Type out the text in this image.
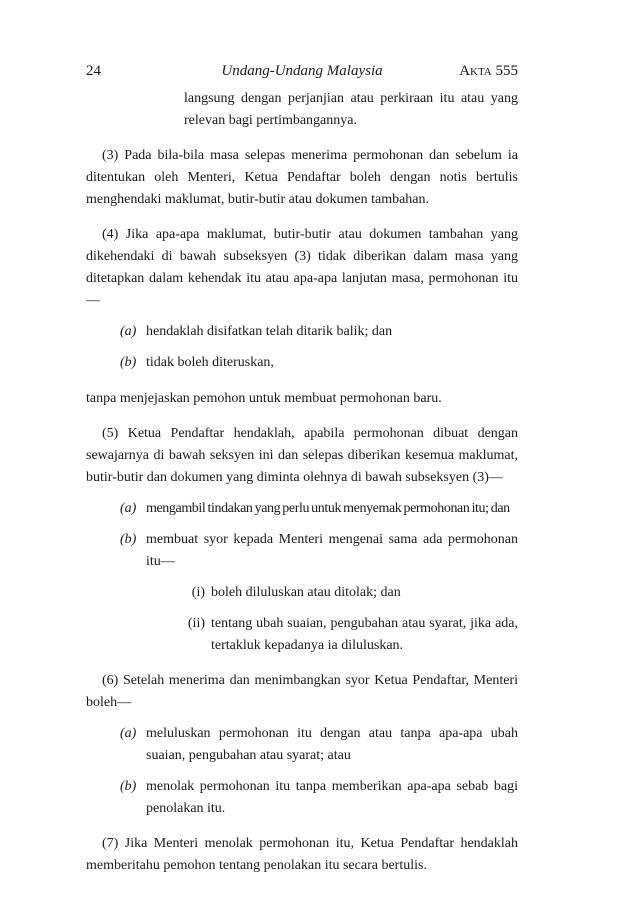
24	Undang-Undang Malaysia	Akta 555
langsung dengan perjanjian atau perkiraan itu atau yang relevan bagi pertimbangannya.
(3) Pada bila-bila masa selepas menerima permohonan dan sebelum ia ditentukan oleh Menteri, Ketua Pendaftar boleh dengan notis bertulis menghendaki maklumat, butir-butir atau dokumen tambahan.
(4) Jika apa-apa maklumat, butir-butir atau dokumen tambahan yang dikehendaki di bawah subseksyen (3) tidak diberikan dalam masa yang ditetapkan dalam kehendak itu atau apa-apa lanjutan masa, permohonan itu—
(a) hendaklah disifatkan telah ditarik balik; dan
(b) tidak boleh diteruskan,
tanpa menjejaskan pemohon untuk membuat permohonan baru.
(5) Ketua Pendaftar hendaklah, apabila permohonan dibuat dengan sewajarnya di bawah seksyen ini dan selepas diberikan kesemua maklumat, butir-butir dan dokumen yang diminta olehnya di bawah subseksyen (3)—
(a) mengambil tindakan yang perlu untuk menyemak permohonan itu; dan
(b) membuat syor kepada Menteri mengenai sama ada permohonan itu—
(i) boleh diluluskan atau ditolak; dan
(ii) tentang ubah suaian, pengubahan atau syarat, jika ada, tertakluk kepadanya ia diluluskan.
(6) Setelah menerima dan menimbangkan syor Ketua Pendaftar, Menteri boleh—
(a) meluluskan permohonan itu dengan atau tanpa apa-apa ubah suaian, pengubahan atau syarat; atau
(b) menolak permohonan itu tanpa memberikan apa-apa sebab bagi penolakan itu.
(7) Jika Menteri menolak permohonan itu, Ketua Pendaftar hendaklah memberitahu pemohon tentang penolakan itu secara bertulis.
